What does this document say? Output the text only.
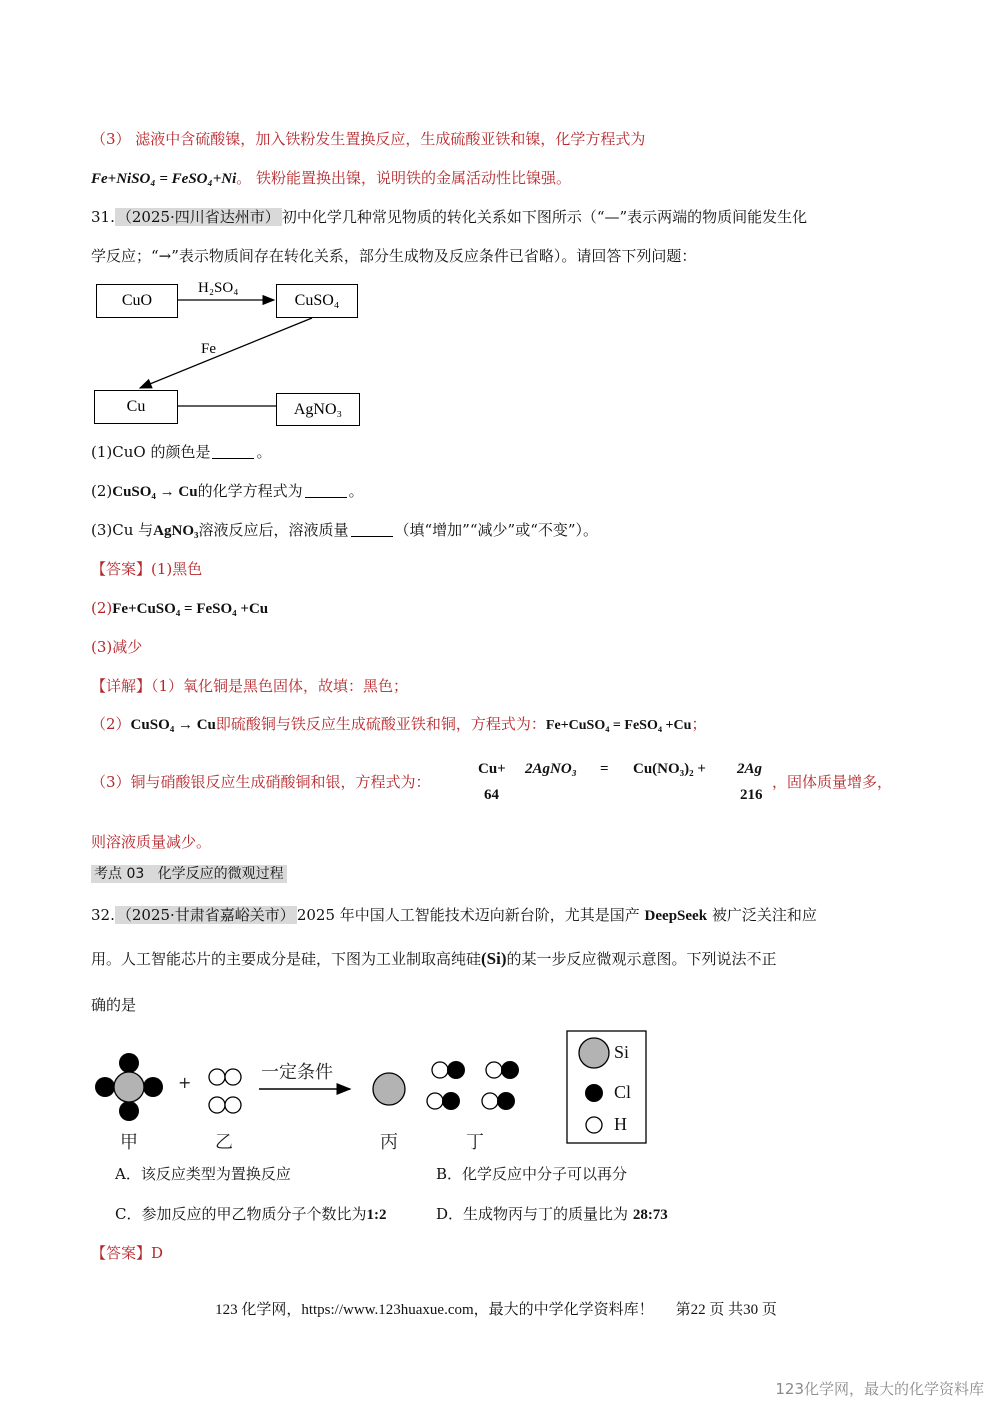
（3） 滤液中含硫酸镍，加入铁粉发生置换反应，生成硫酸亚铁和镍，化学方程式为
Fe+NiSO₄ = FeSO₄+Ni。 铁粉能置换出镍，说明铁的金属活动性比镍强。
31. （2025·四川省达州市） 初中化学几种常见物质的转化关系如下图所示（“—”表示两端的物质间能发生化
学反应；“→”表示物质间存在转化关系，部分生成物及反应条件已省略）。请回答下列问题：
CuO	CuSO₄
Cu	AgNO₃
H₂SO₄
Fe
(1)CuO 的颜色是	。
(2)CuSO₄ → Cu的化学方程式为	。
(3)Cu 与AgNO₃溶液反应后，溶液质量	（填“增加”“减少”或“不变”）。
【答案】(1)黑色
(2)Fe+CuSO₄ = FeSO₄ +Cu
(3)减少
【详解】（1）氧化铜是黑色固体，故填：黑色；
（2）CuSO₄ → Cu即硫酸铜与铁反应生成硫酸亚铁和铜，方程式为：Fe+CuSO₄ = FeSO₄ +Cu；
（3）铜与硝酸银反应生成硝酸铜和银，方程式为：
Cu+ 2AgNO₃ = Cu(NO₃)₂ + 2Ag
64	216
，固体质量增多，
则溶液质量减少。
考点 03 化学反应的微观过程
32. （2025·甘肃省嘉峪关市） 2025 年中国人工智能技术迈向新台阶，尤其是国产 DeepSeek 被广泛关注和应
用。人工智能芯片的主要成分是硅，下图为工业制取高纯硅(Si)的某一步反应微观示意图。下列说法不正
确的是
+	一定条件
甲	乙	丙	丁
Si
Cl
H
A．该反应类型为置换反应	B．化学反应中分子可以再分
C．参加反应的甲乙物质分子个数比为1:2	D．生成物丙与丁的质量比为 28:73
【答案】D
123 化学网，https://www.123huaxue.com，最大的中学化学资料库！ 第22 页 共30 页
123化学网，最大的化学资料库
